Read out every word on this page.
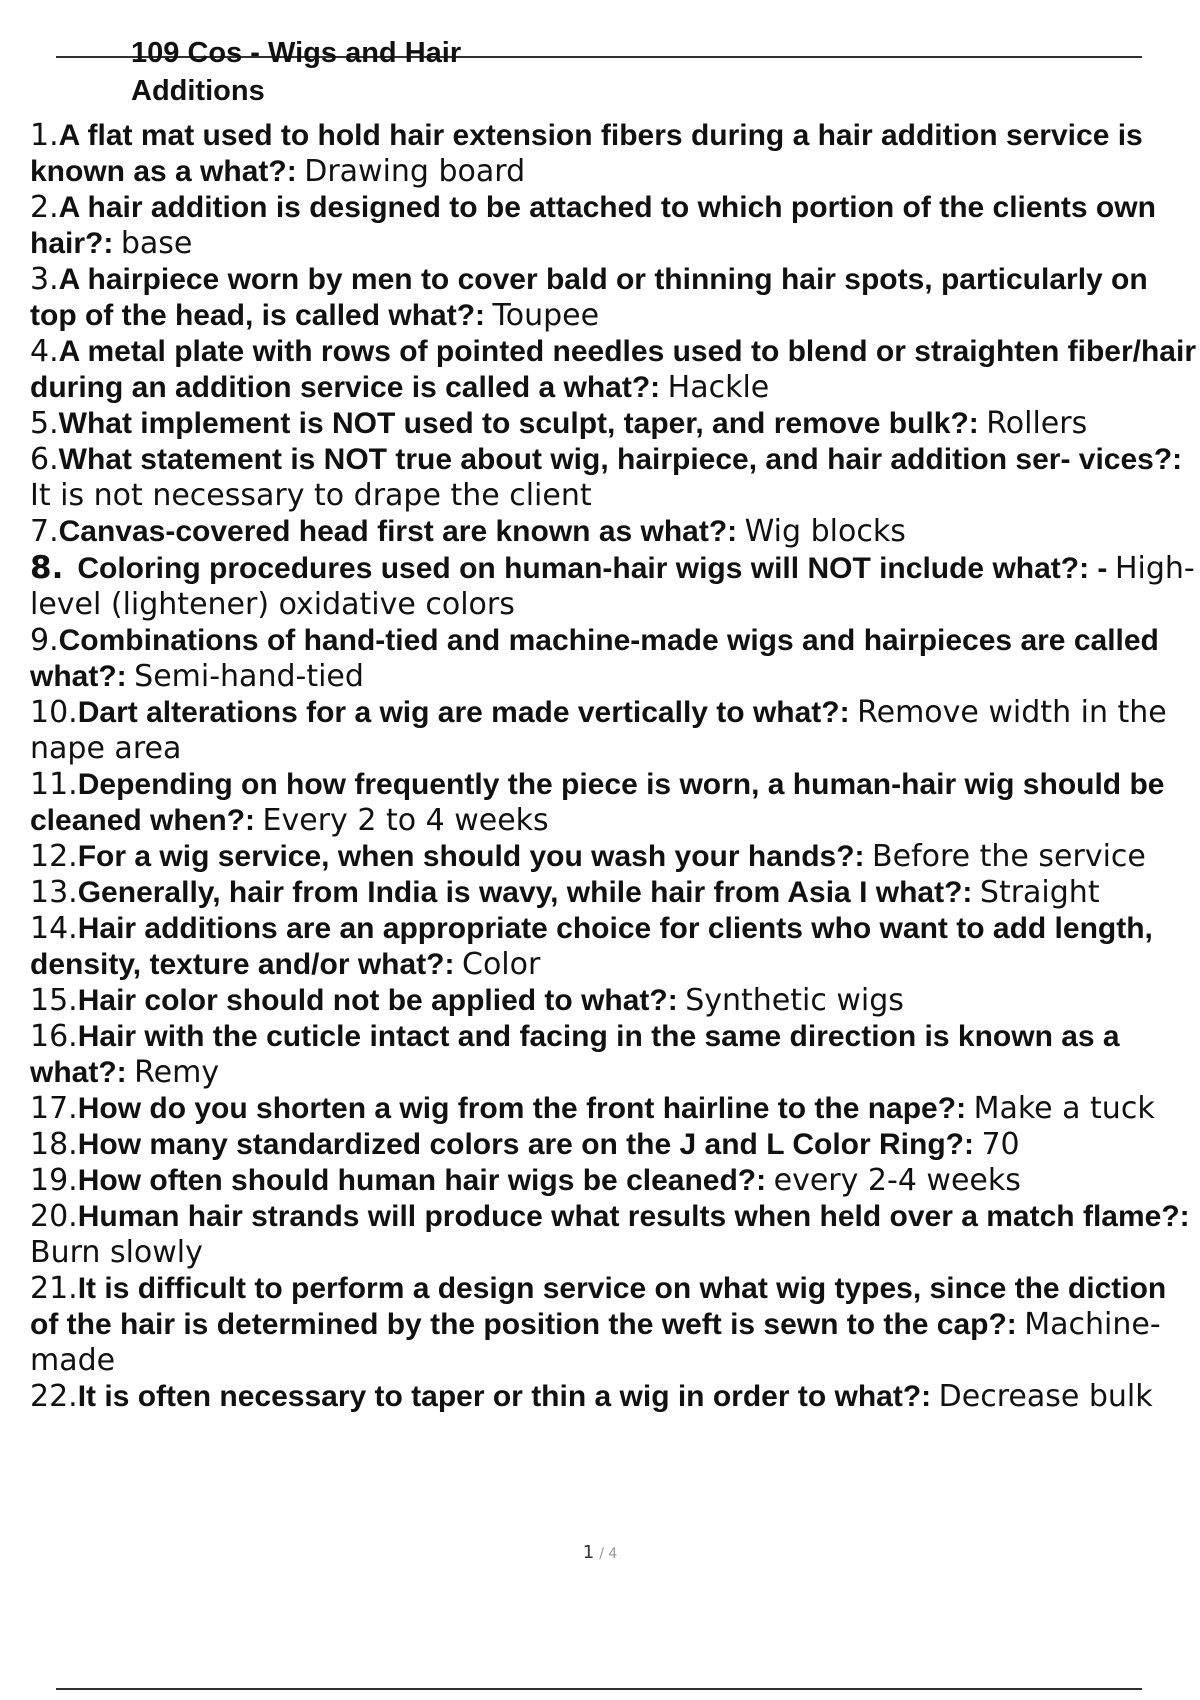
109 Cos - Wigs and Hair
Additions
1.A flat mat used to hold hair extension fibers during a hair addition service is known as a what?: Drawing board
2.A hair addition is designed to be attached to which portion of the clients own hair?: base
3.A hairpiece worn by men to cover bald or thinning hair spots, particularly on top of the head, is called what?: Toupee
4.A metal plate with rows of pointed needles used to blend or straighten fiber/hair during an addition service is called a what?: Hackle
5.What implement is NOT used to sculpt, taper, and remove bulk?: Rollers
6.What statement is NOT true about wig, hairpiece, and hair addition ser- vices?: It is not necessary to drape the client
7.Canvas-covered head first are known as what?: Wig blocks
8. Coloring procedures used on human-hair wigs will NOT include what?: - High-level (lightener) oxidative colors
9.Combinations of hand-tied and machine-made wigs and hairpieces are called what?: Semi-hand-tied
10.Dart alterations for a wig are made vertically to what?: Remove width in the nape area
11.Depending on how frequently the piece is worn, a human-hair wig should be cleaned when?: Every 2 to 4 weeks
12.For a wig service, when should you wash your hands?: Before the service
13.Generally, hair from India is wavy, while hair from Asia I what?: Straight
14.Hair additions are an appropriate choice for clients who want to add length, density, texture and/or what?: Color
15.Hair color should not be applied to what?: Synthetic wigs
16.Hair with the cuticle intact and facing in the same direction is known as a what?: Remy
17.How do you shorten a wig from the front hairline to the nape?: Make a tuck
18.How many standardized colors are on the J and L Color Ring?: 70
19.How often should human hair wigs be cleaned?: every 2-4 weeks
20.Human hair strands will produce what results when held over a match flame?: Burn slowly
21.It is difficult to perform a design service on what wig types, since the diction of the hair is determined by the position the weft is sewn to the cap?: Machine-made
22.It is often necessary to taper or thin a wig in order to what?: Decrease bulk
1 / 4
